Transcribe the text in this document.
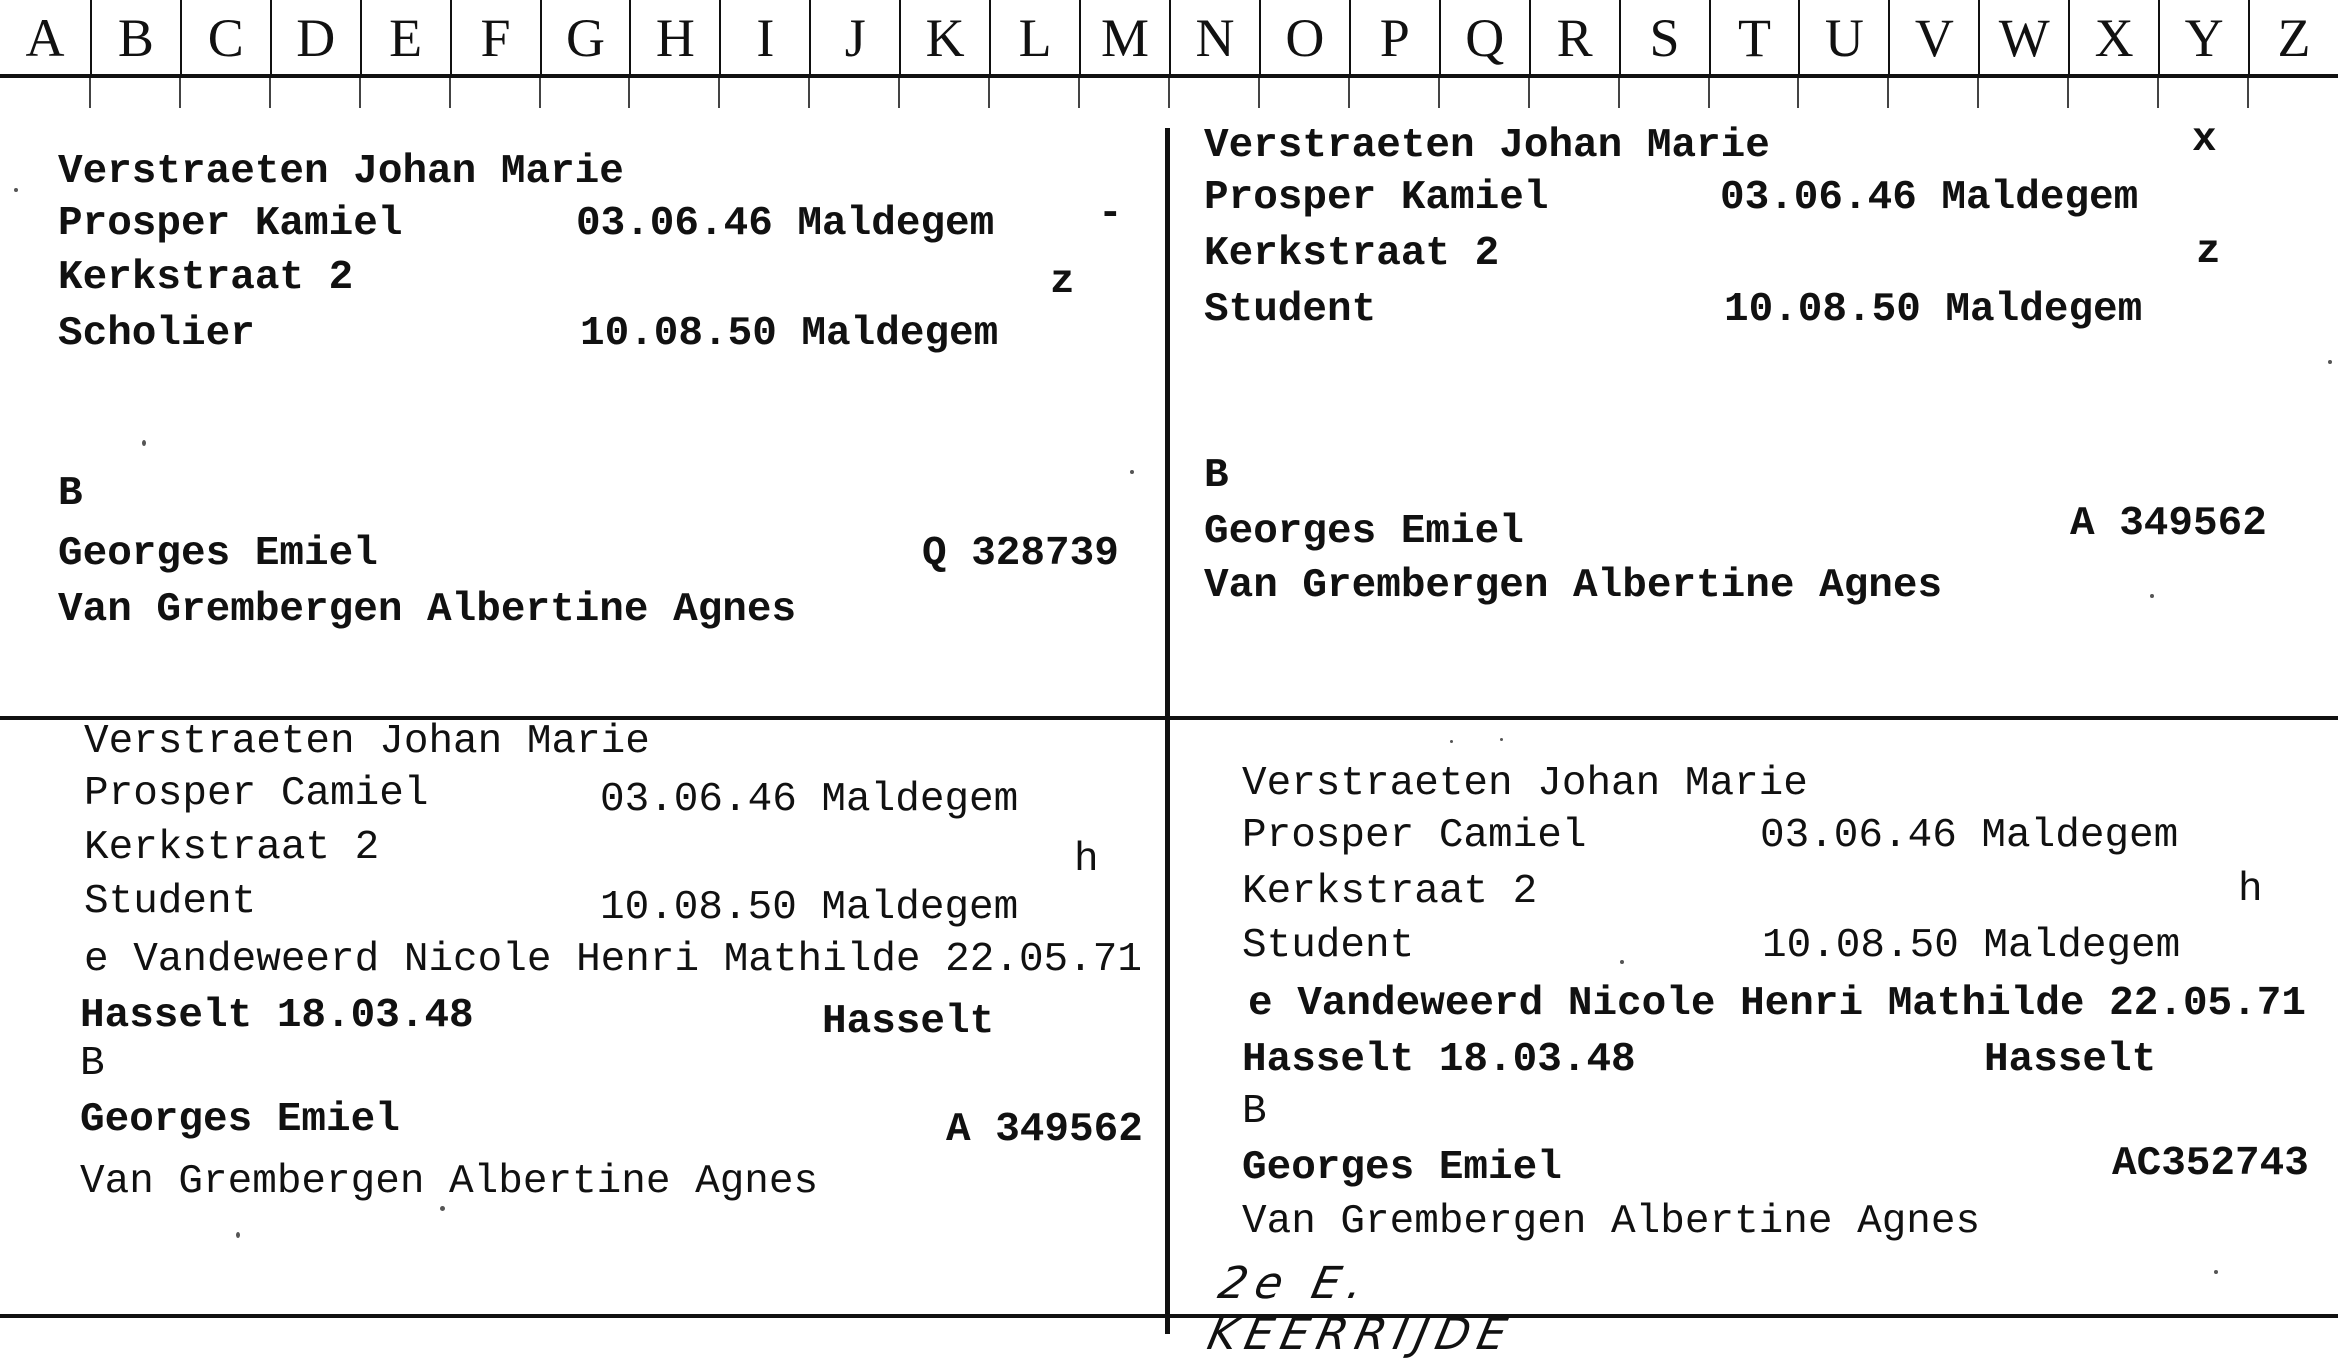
A B C D E	F	G H	I	J	K L M N O	P	Q R	S	T U V W X Y Z
Verstraeten Johan Marie
Prosper Kamiel	03.06.46 Maldegem	-
Kerkstraat 2	z
Scholier	10.08.50 Maldegem
B
Georges Emiel	Q 328739
Van Grembergen Albertine Agnes
Verstraeten Johan Marie	x
Prosper Kamiel	03.06.46 Maldegem
Kerkstraat 2	z
Student	10.08.50 Maldegem
B
Georges Emiel	A 349562
Van Grembergen Albertine Agnes
Verstraeten Johan Marie
Prosper Camiel	03.06.46 Maldegem
Kerkstraat 2	h
Student	10.08.50 Maldegem
e Vandeweerd Nicole Henri Mathilde 22.05.71
Hasselt 18.03.48	Hasselt
B
Georges Emiel	A 349562
Van Grembergen Albertine Agnes
Verstraeten Johan Marie
Prosper Camiel	03.06.46 Maldegem
Kerkstraat 2	h
Student	10.08.50 Maldegem
e Vandeweerd Nicole Henri Mathilde 22.05.71
Hasselt 18.03.48	Hasselt
B
Georges Emiel	AC352743
Van Grembergen Albertine Agnes
2e E. KEERRIJDE
